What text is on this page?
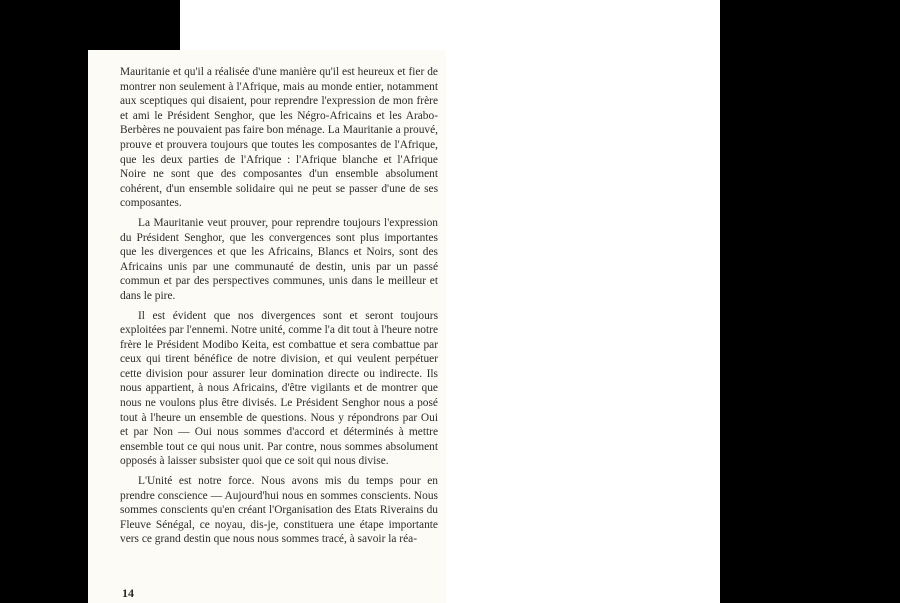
Mauritanie et qu'il a réalisée d'une manière qu'il est heureux et fier de montrer non seulement à l'Afrique, mais au monde entier, notamment aux sceptiques qui disaient, pour reprendre l'expression de mon frère et ami le Président Senghor, que les Négro-Africains et les Arabo-Berbères ne pouvaient pas faire bon ménage. La Mauritanie a prouvé, prouve et prouvera toujours que toutes les composantes de l'Afrique, que les deux parties de l'Afrique : l'Afrique blanche et l'Afrique Noire ne sont que des composantes d'un ensemble absolument cohérent, d'un ensemble solidaire qui ne peut se passer d'une de ses composantes.

La Mauritanie veut prouver, pour reprendre toujours l'expression du Président Senghor, que les convergences sont plus importantes que les divergences et que les Africains, Blancs et Noirs, sont des Africains unis par une communauté de destin, unis par un passé commun et par des perspectives communes, unis dans le meilleur et dans le pire.

Il est évident que nos divergences sont et seront toujours exploitées par l'ennemi. Notre unité, comme l'a dit tout à l'heure notre frère le Président Modibo Keita, est combattue et sera combattue par ceux qui tirent bénéfice de notre division, et qui veulent perpétuer cette division pour assurer leur domination directe ou indirecte. Ils nous appartient, à nous Africains, d'être vigilants et de montrer que nous ne voulons plus être divisés. Le Président Senghor nous a posé tout à l'heure un ensemble de questions. Nous y répondrons par Oui et par Non — Oui nous sommes d'accord et déterminés à mettre ensemble tout ce qui nous unit. Par contre, nous sommes absolument opposés à laisser subsister quoi que ce soit qui nous divise.

L'Unité est notre force. Nous avons mis du temps pour en prendre conscience — Aujourd'hui nous en sommes conscients. Nous sommes conscients qu'en créant l'Organisation des Etats Riverains du Fleuve Sénégal, ce noyau, dis-je, constituera une étape importante vers ce grand destin que nous nous sommes tracé, à savoir la réa-

14
